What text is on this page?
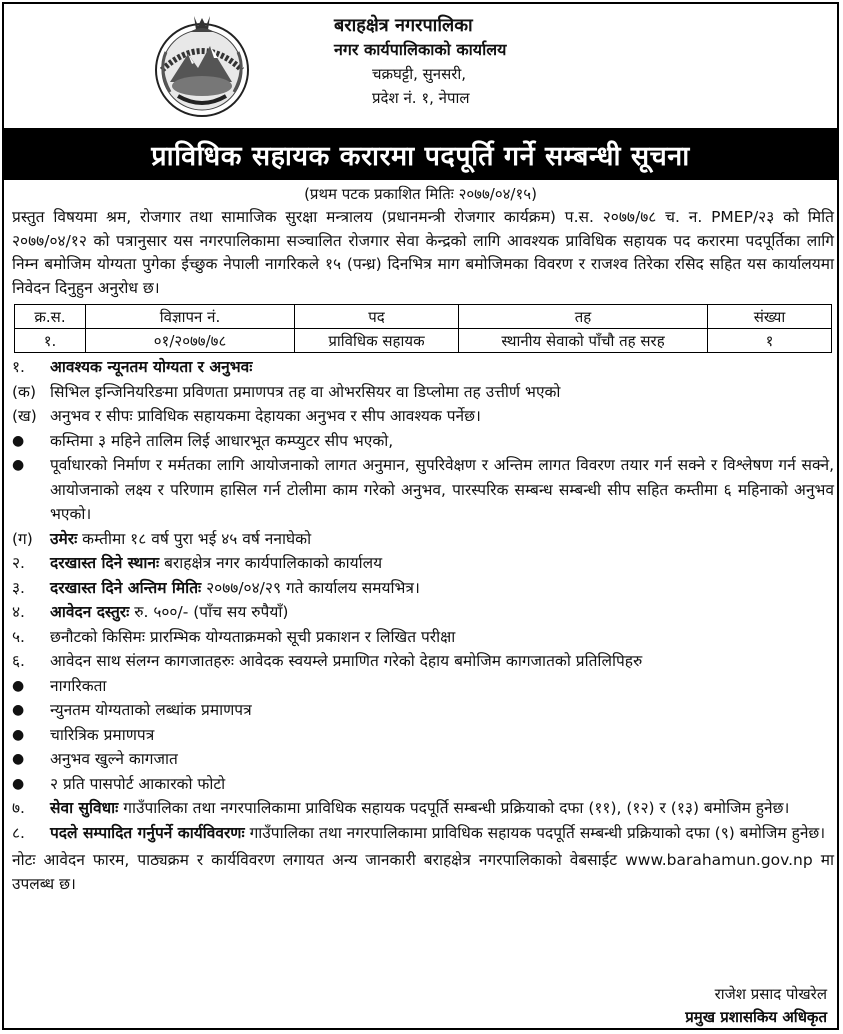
बराहक्षेत्र नगरपालिका
नगर कार्यपालिकाको कार्यालय
चक्रघट्टी, सुनसरी,
प्रदेश नं. १, नेपाल
प्राविधिक सहायक करारमा पदपूर्ति गर्ने सम्बन्धी सूचना
(प्रथम पटक प्रकाशित मितिः २०७७/०४/१५)

प्रस्तुत विषयमा श्रम, रोजगार तथा सामाजिक सुरक्षा मन्त्रालय (प्रधानमन्त्री रोजगार कार्यक्रम) प.स. २०७७/७८ च. न. PMEP/२३ को मिति २०७७/०४/१२ को पत्रानुसार यस नगरपालिकामा सञ्चालित रोजगार सेवा केन्द्रको लागि आवश्यक प्राविधिक सहायक पद करारमा पदपूर्तिका लागि निम्न बमोजिम योग्यता पुगेका ईच्छुक नेपाली नागरिकले १५ (पन्ध्र) दिनभित्र माग बमोजिमका विवरण र राजश्व तिरेका रसिद सहित यस कार्यालयमा निवेदन दिनुहुन अनुरोध छ।

क्र.स.	विज्ञापन नं.	पद	तह	संख्या
१.	०१/२०७७/७८	प्राविधिक सहायक	स्थानीय सेवाको पाँचौ तह सरह	१
१.	आवश्यक न्यूनतम योग्यता र अनुभवः
(क) सिभिल इन्जिनियरिङमा प्रविणता प्रमाणपत्र तह वा ओभरसियर वा डिप्लोमा तह उत्तीर्ण भएको
(ख) अनुभव र सीपः प्राविधिक सहायकमा देहायका अनुभव र सीप आवश्यक पर्नेछ।
●	कम्तिमा ३ महिने तालिम लिई आधारभूत कम्प्युटर सीप भएको,
●	पूर्वाधारको निर्माण र मर्मतका लागि आयोजनाको लागत अनुमान, सुपरिवेक्षण र अन्तिम लागत विवरण तयार गर्न सक्ने र विश्लेषण गर्न सक्ने, आयोजनाको लक्ष्य र परिणाम हासिल गर्न टोलीमा काम गरेको अनुभव, पारस्परिक सम्बन्ध सम्बन्धी सीप सहित कम्तीमा ६ महिनाको अनुभव भएको।
(ग)	उमेरः कम्तीमा १८ वर्ष पुरा भई ४५ वर्ष ननाघेको
२.	दरखास्त दिने स्थानः बराहक्षेत्र नगर कार्यपालिकाको कार्यालय
३.	दरखास्त दिने अन्तिम मितिः २०७७/०४/२९ गते कार्यालय समयभित्र।
४.	आवेदन दस्तुरः रु. ५००/- (पाँच सय रुपैयाँ)
५.	छनौटको किसिमः प्रारम्भिक योग्यताक्रमको सूची प्रकाशन र लिखित परीक्षा
६.	आवेदन साथ संलग्न कागजातहरुः आवेदक स्वयम्ले प्रमाणित गरेको देहाय बमोजिम कागजातको प्रतिलिपिहरु
●	नागरिकता
●	न्युनतम योग्यताको लब्धांक प्रमाणपत्र
●	चारित्रिक प्रमाणपत्र
●	अनुभव खुल्ने कागजात
●	२ प्रति पासपोर्ट आकारको फोटो
७.	सेवा सुविधाः गाउँपालिका तथा नगरपालिकामा प्राविधिक सहायक पदपूर्ति सम्बन्धी प्रक्रियाको दफा (११), (१२) र (१३) बमोजिम हुनेछ।
८.	पदले सम्पादित गर्नुपर्ने कार्यविवरणः गाउँपालिका तथा नगरपालिकामा प्राविधिक सहायक पदपूर्ति सम्बन्धी प्रक्रियाको दफा (९) बमोजिम हुनेछ।

नोटः आवेदन फारम, पाठ्यक्रम र कार्यविवरण लगायत अन्य जानकारी बराहक्षेत्र नगरपालिकाको वेबसाईट www.barahamun.gov.np मा उपलब्ध छ।

राजेश प्रसाद पोखरेल
प्रमुख प्रशासकिय अधिकृत
